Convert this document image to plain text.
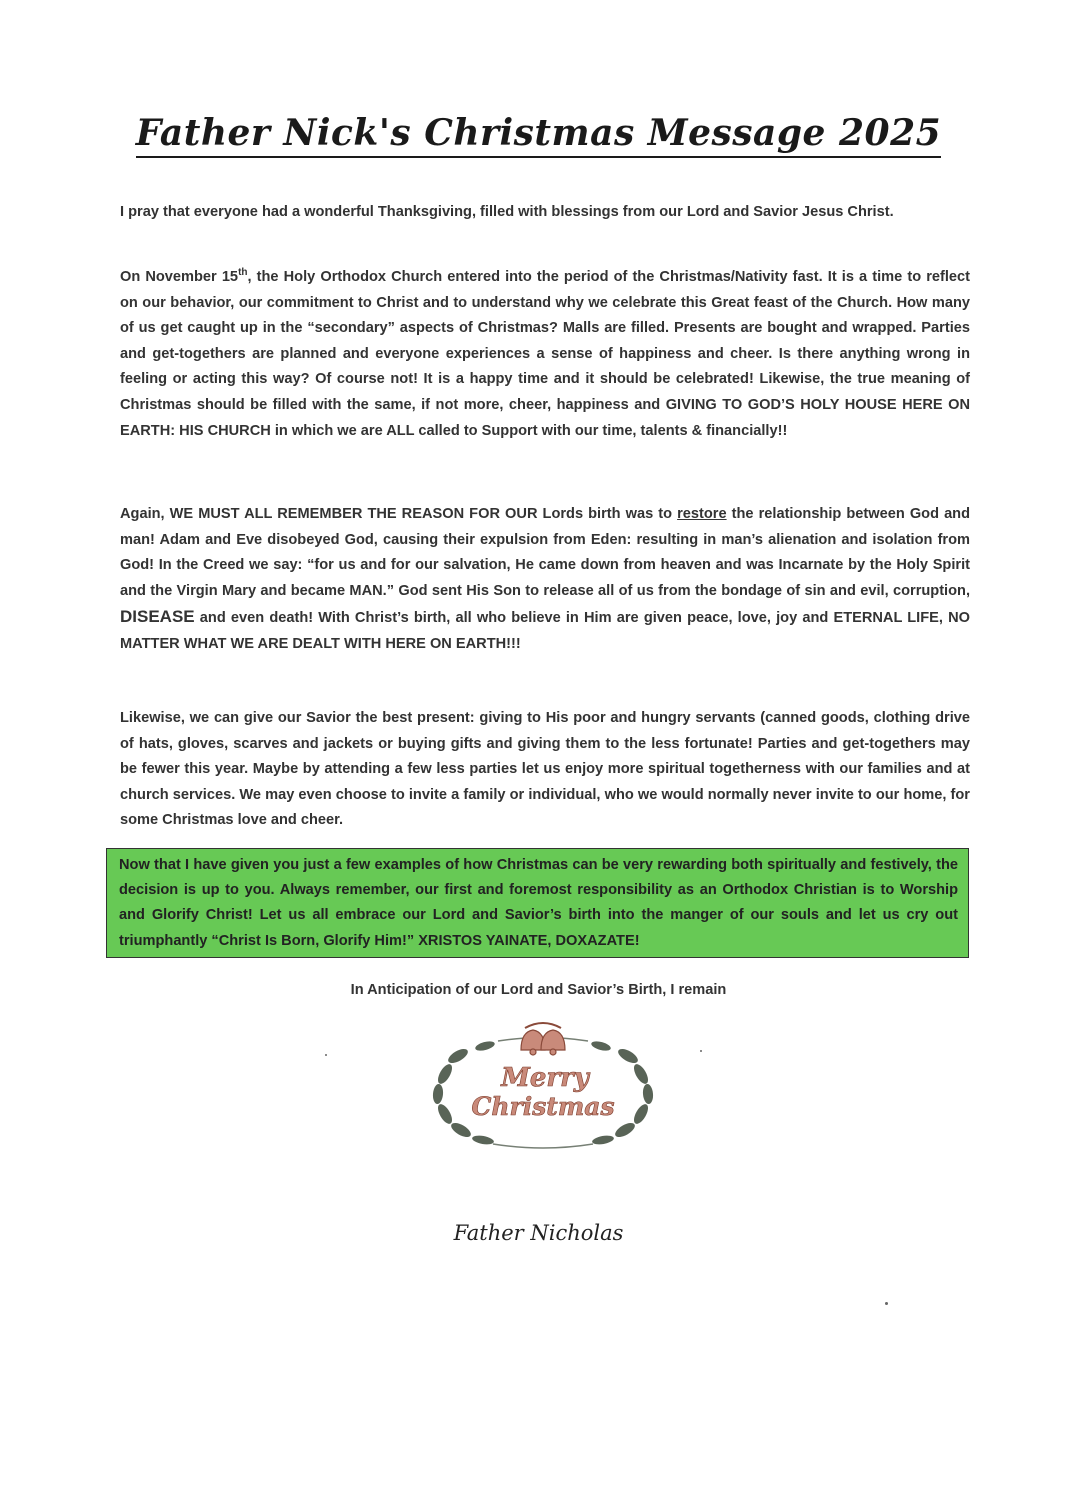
Father Nick's Christmas Message 2025
I pray that everyone had a wonderful Thanksgiving, filled with blessings from our Lord and Savior Jesus Christ.
On November 15th, the Holy Orthodox Church entered into the period of the Christmas/Nativity fast. It is a time to reflect on our behavior, our commitment to Christ and to understand why we celebrate this Great feast of the Church. How many of us get caught up in the “secondary” aspects of Christmas? Malls are filled. Presents are bought and wrapped. Parties and get-togethers are planned and everyone experiences a sense of happiness and cheer. Is there anything wrong in feeling or acting this way? Of course not! It is a happy time and it should be celebrated! Likewise, the true meaning of Christmas should be filled with the same, if not more, cheer, happiness and GIVING TO GOD’S HOLY HOUSE HERE ON EARTH: HIS CHURCH in which we are ALL called to Support with our time, talents & financially!!
Again, WE MUST ALL REMEMBER THE REASON FOR OUR Lords birth was to restore the relationship between God and man! Adam and Eve disobeyed God, causing their expulsion from Eden: resulting in man’s alienation and isolation from God! In the Creed we say: “for us and for our salvation, He came down from heaven and was Incarnate by the Holy Spirit and the Virgin Mary and became MAN.” God sent His Son to release all of us from the bondage of sin and evil, corruption, DISEASE and even death! With Christ’s birth, all who believe in Him are given peace, love, joy and ETERNAL LIFE, NO MATTER WHAT WE ARE DEALT WITH HERE ON EARTH!!!
Likewise, we can give our Savior the best present: giving to His poor and hungry servants (canned goods, clothing drive of hats, gloves, scarves and jackets or buying gifts and giving them to the less fortunate! Parties and get-togethers may be fewer this year. Maybe by attending a few less parties let us enjoy more spiritual togetherness with our families and at church services. We may even choose to invite a family or individual, who we would normally never invite to our home, for some Christmas love and cheer.
Now that I have given you just a few examples of how Christmas can be very rewarding both spiritually and festively, the decision is up to you. Always remember, our first and foremost responsibility as an Orthodox Christian is to Worship and Glorify Christ! Let us all embrace our Lord and Savior’s birth into the manger of our souls and let us cry out triumphantly “Christ Is Born, Glorify Him!” XRISTOS YAINATE, DOXAZATE!
In Anticipation of our Lord and Savior’s Birth, I remain
Merry
Christmas
Father Nicholas
